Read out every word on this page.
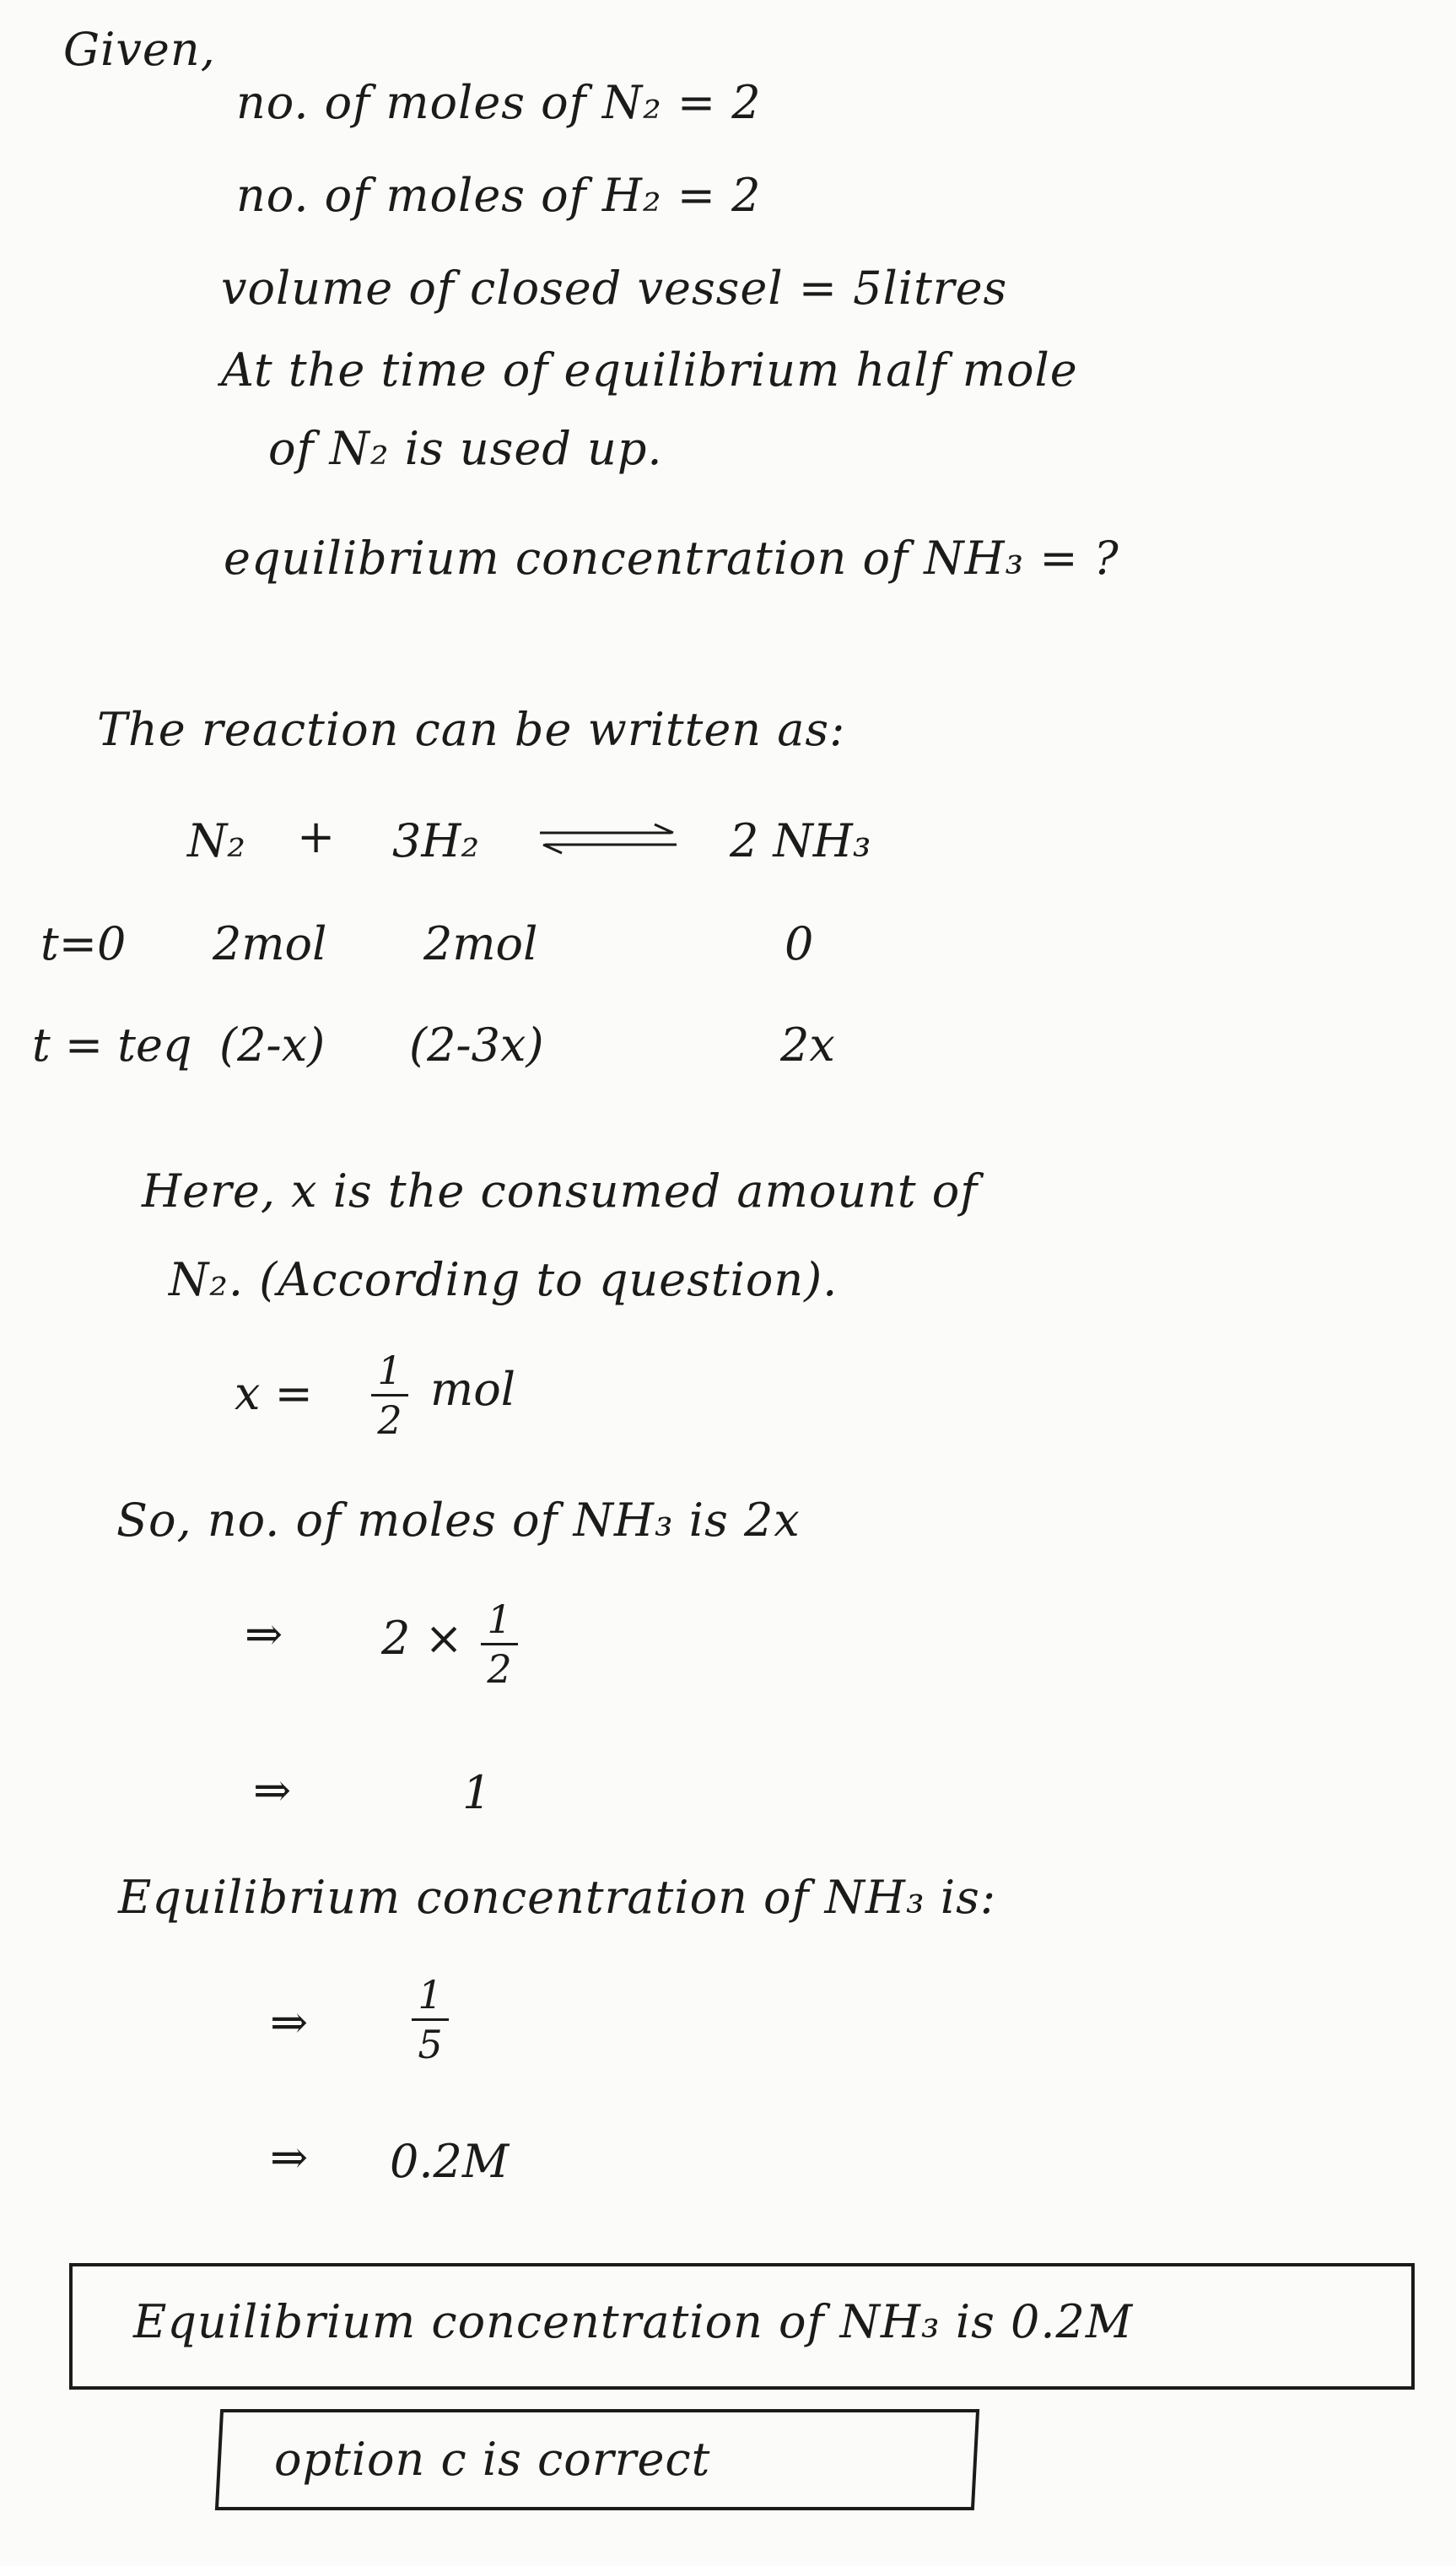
Given,
no. of moles of N₂ = 2
no. of moles of H₂ = 2
volume of closed vessel = 5litres
At the time of equilibrium half mole
of N₂ is used up.
equilibrium concentration of NH₃ = ?
The reaction can be written as:
N₂ + 3H₂	2 NH₃
t=0 2mol 2mol	0
t = teq (2-x) (2-3x)	2x
Here, x is the consumed amount of
N₂. (According to question).
x = 1
2
mol
So, no. of moles of NH₃ is 2x
⇒ 2 × 1
2
⇒	1
Equilibrium concentration of NH₃ is:
⇒
1
5
⇒ 0.2M
Equilibrium concentration of NH₃ is 0.2M
option c is correct
